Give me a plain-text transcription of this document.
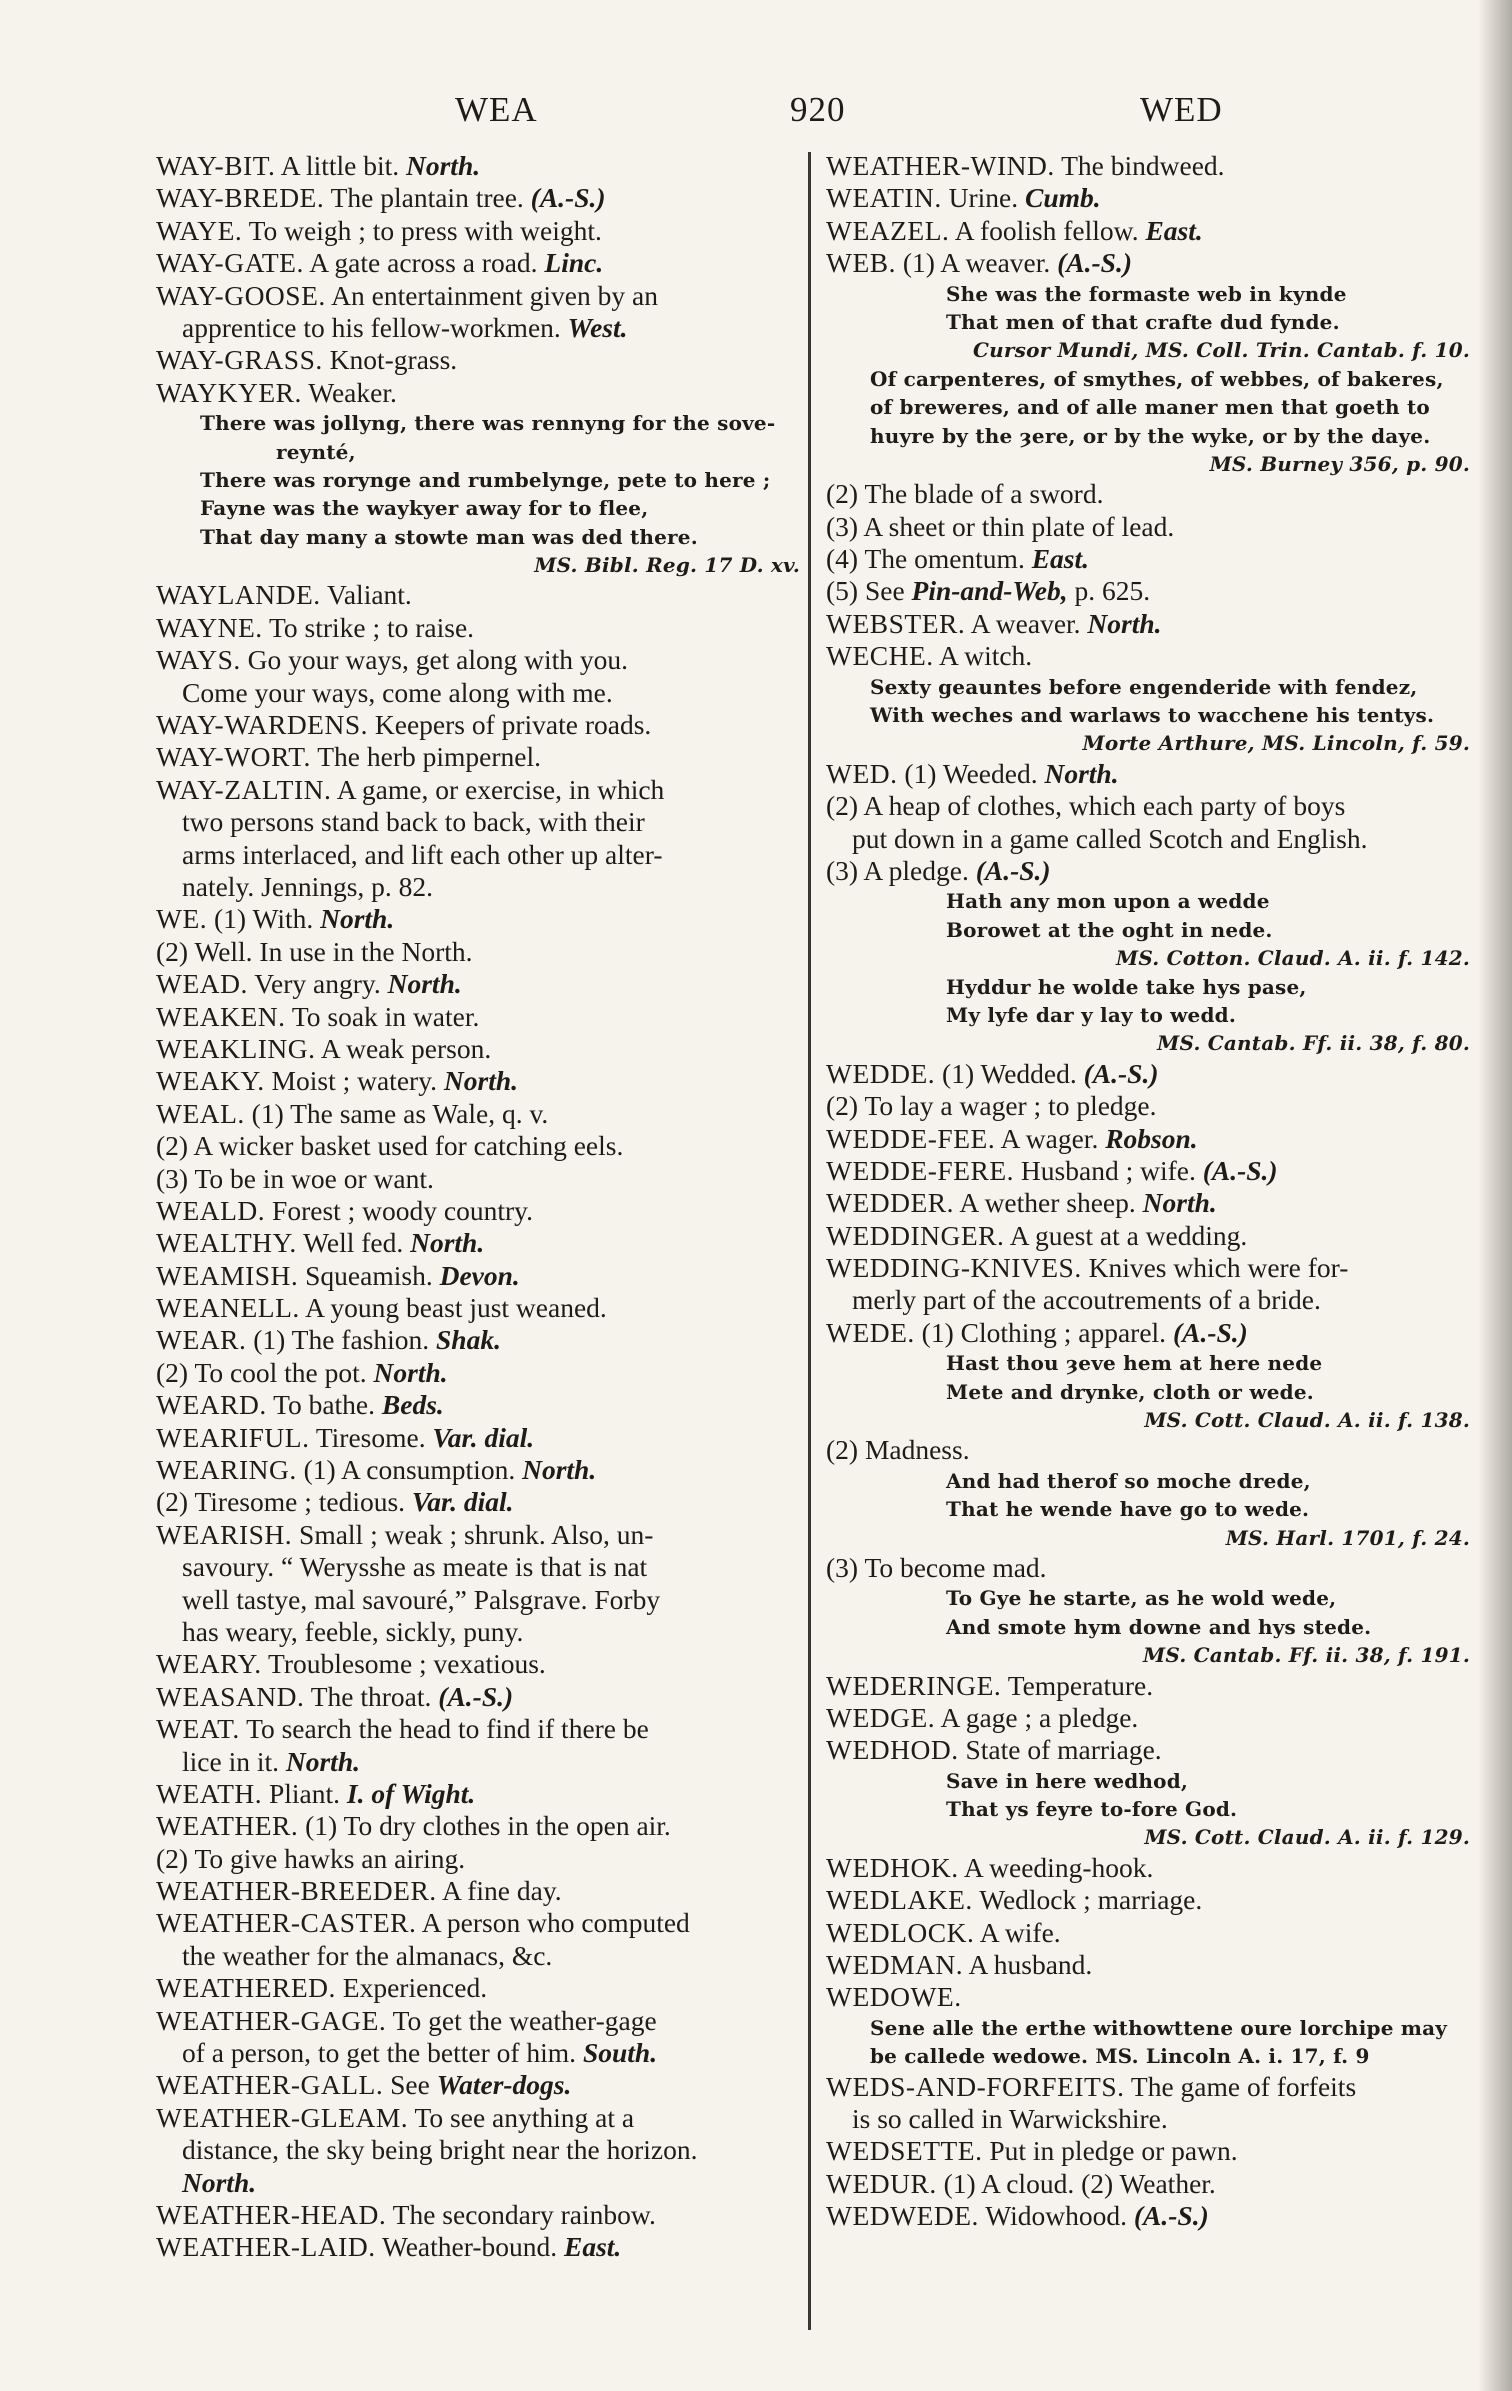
WEA	920	WED
WAY-BIT. A little bit. North.
WAY-BREDE. The plantain tree. (A.-S.)
WAYE. To weigh ; to press with weight.
WAY-GATE. A gate across a road. Linc.
WAY-GOOSE. An entertainment given by an
apprentice to his fellow-workmen. West.
WAY-GRASS. Knot-grass.
WAYKYER. Weaker.
There was jollyng, there was rennyng for the sove-
reynté,
There was roryngе and rumbelynge, pete to here ;
Fayne was the waykyer away for to flee,
That day many a stowte man was ded there.
MS. Bibl. Reg. 17 D. xv.
WAYLANDE. Valiant.
WAYNE. To strike ; to raise.
WAYS. Go your ways, get along with you.
Come your ways, come along with me.
WAY-WARDENS. Keepers of private roads.
WAY-WORT. The herb pimpernel.
WAY-ZALTIN. A game, or exercise, in which
two persons stand back to back, with their
arms interlaced, and lift each other up alter-
nately. Jennings, p. 82.
WE. (1) With. North.
(2) Well. In use in the North.
WEAD. Very angry. North.
WEAKEN. To soak in water.
WEAKLING. A weak person.
WEAKY. Moist ; watery. North.
WEAL. (1) The same as Wale, q. v.
(2) A wicker basket used for catching eels.
(3) To be in woe or want.
WEALD. Forest ; woody country.
WEALTHY. Well fed. North.
WEAMISH. Squeamish. Devon.
WEANELL. A young beast just weaned.
WEAR. (1) The fashion. Shak.
(2) To cool the pot. North.
WEARD. To bathe. Beds.
WEARIFUL. Tiresome. Var. dial.
WEARING. (1) A consumption. North.
(2) Tiresome ; tedious. Var. dial.
WEARISH. Small ; weak ; shrunk. Also, un-
savoury. “ Werysshe as meate is that is nat
well tastye, mal savouré,” Palsgrave. Forby
has weary, feeble, sickly, puny.
WEARY. Troublesome ; vexatious.
WEASAND. The throat. (A.-S.)
WEAT. To search the head to find if there be
lice in it. North.
WEATH. Pliant. I. of Wight.
WEATHER. (1) To dry clothes in the open air.
(2) To give hawks an airing.
WEATHER-BREEDER. A fine day.
WEATHER-CASTER. A person who computed
the weather for the almanacs, &c.
WEATHERED. Experienced.
WEATHER-GAGE. To get the weather-gage
of a person, to get the better of him. South.
WEATHER-GALL. See Water-dogs.
WEATHER-GLEAM. To see anything at a
distance, the sky being bright near the horizon.
North.
WEATHER-HEAD. The secondary rainbow.
WEATHER-LAID. Weather-bound. East.
WEATHER-WIND. The bindweed.
WEATIN. Urine. Cumb.
WEAZEL. A foolish fellow. East.
WEB. (1) A weaver. (A.-S.)
She was the formaste web in kynde
That men of that crafte dud fynde.
Cursor Mundi, MS. Coll. Trin. Cantab. f. 10.
Of carpenteres, of smythes, of webbes, of bakeres,
of breweres, and of alle maner men that goeth to
huyre by the ȝere, or by the wyke, or by the daye.
MS. Burney 356, p. 90.
(2) The blade of a sword.
(3) A sheet or thin plate of lead.
(4) The omentum. East.
(5) See Pin-and-Web, p. 625.
WEBSTER. A weaver. North.
WECHE. A witch.
Sexty geauntes before engenderide with fendez,
With weches and warlaws to wacchene his tentys.
Morte Arthure, MS. Lincoln, f. 59.
WED. (1) Weeded. North.
(2) A heap of clothes, which each party of boys
put down in a game called Scotch and English.
(3) A pledge. (A.-S.)
Hath any mon upon a wedde
Borowet at the oght in nede.
MS. Cotton. Claud. A. ii. f. 142.
Hyddur he wolde take hys pase,
My lyfe dar y lay to wedd.
MS. Cantab. Ff. ii. 38, f. 80.
WEDDE. (1) Wedded. (A.-S.)
(2) To lay a wager ; to pledge.
WEDDE-FEE. A wager. Robson.
WEDDE-FERE. Husband ; wife. (A.-S.)
WEDDER. A wether sheep. North.
WEDDINGER. A guest at a wedding.
WEDDING-KNIVES. Knives which were for-
merly part of the accoutrements of a bride.
WEDE. (1) Clothing ; apparel. (A.-S.)
Hast thou ȝeve hem at here nede
Mete and drynke, cloth or wede.
MS. Cott. Claud. A. ii. f. 138.
(2) Madness.
And had therof so moche drede,
That he wende have go to wede.
MS. Harl. 1701, f. 24.
(3) To become mad.
To Gye he starte, as he wold wede,
And smote hym downe and hys stede.
MS. Cantab. Ff. ii. 38, f. 191.
WEDERINGE. Temperature.
WEDGE. A gage ; a pledge.
WEDHOD. State of marriage.
Save in here wedhod,
That ys feyre to-fore God.
MS. Cott. Claud. A. ii. f. 129.
WEDHOK. A weeding-hook.
WEDLAKE. Wedlock ; marriage.
WEDLOCK. A wife.
WEDMAN. A husband.
WEDOWE.
Sene alle the erthe withowttene oure lorchipe may
be callede wedowe. MS. Lincoln A. i. 17, f. 9
WEDS-AND-FORFEITS. The game of forfeits
is so called in Warwickshire.
WEDSETTE. Put in pledge or pawn.
WEDUR. (1) A cloud. (2) Weather.
WEDWEDE. Widowhood. (A.-S.)
